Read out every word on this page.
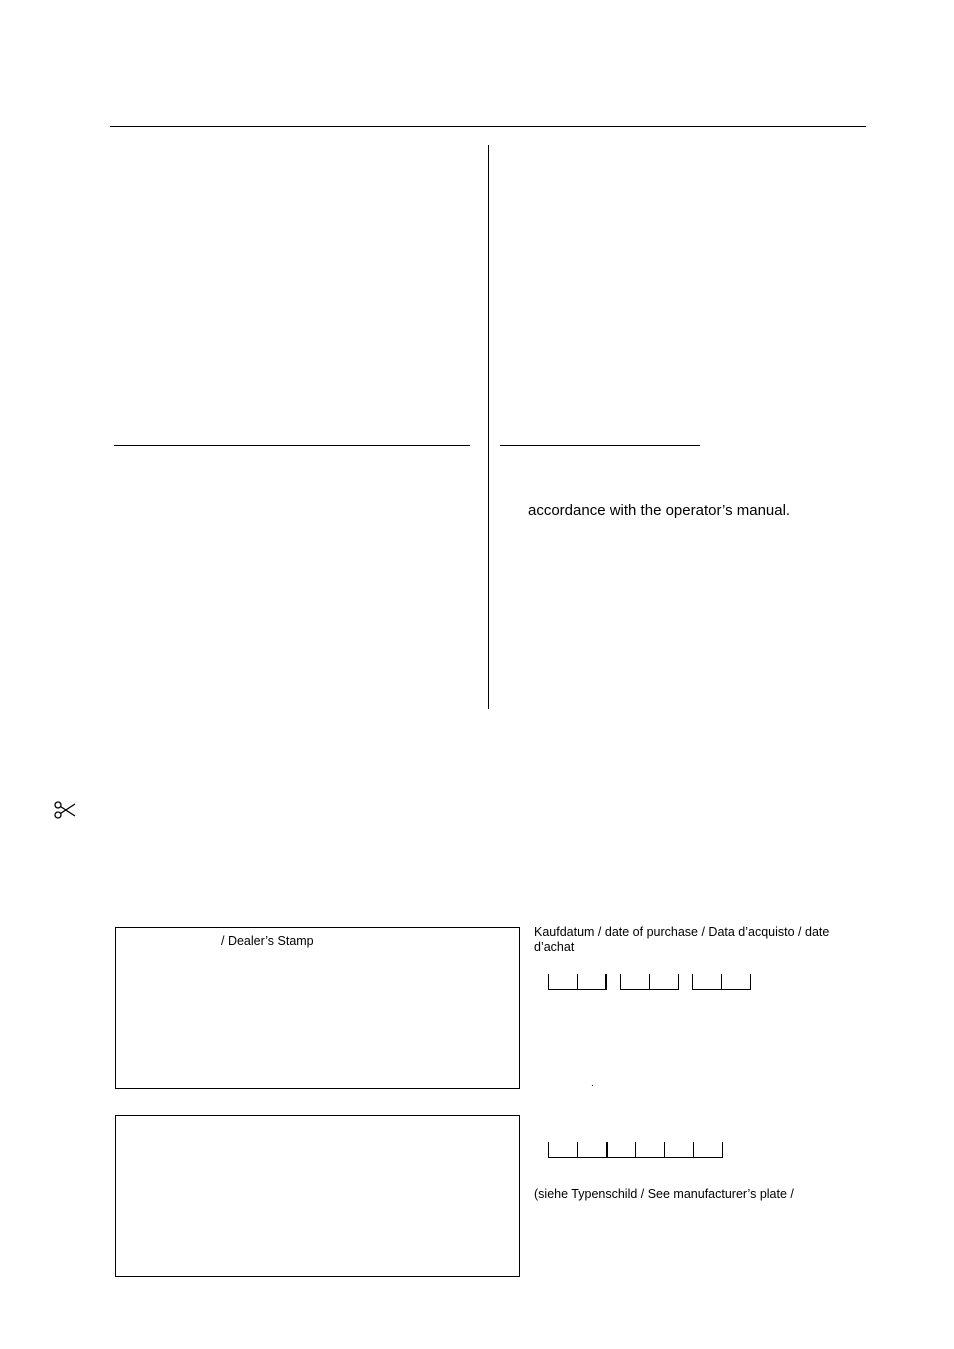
accordance with the operator’s manual.
/ Dealer’s Stamp
Kaufdatum / date of purchase / Data d’acquisto / date
d’achat
.
(siehe Typenschild / See manufacturer’s plate /
